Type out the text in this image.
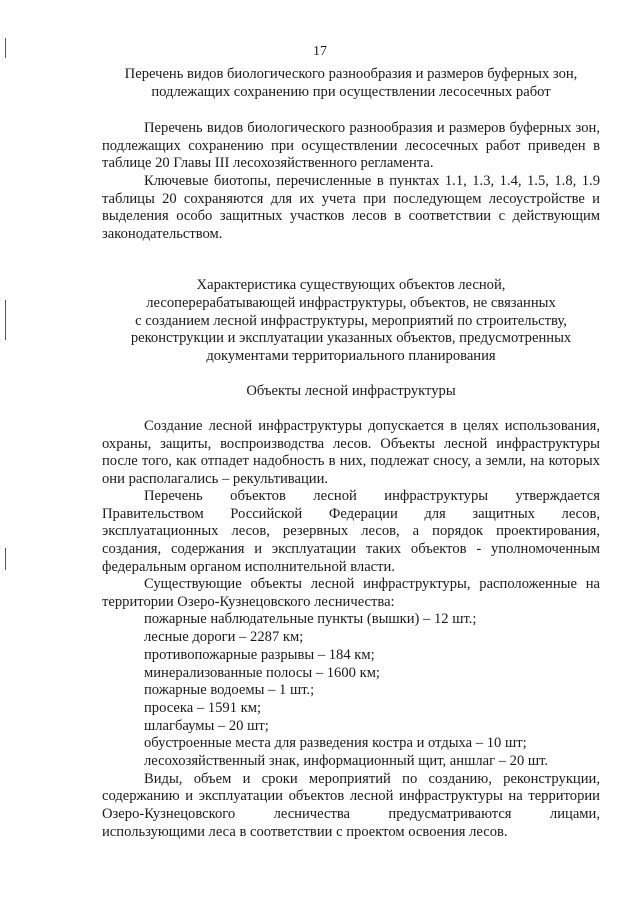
17
Перечень видов биологического разнообразия и размеров буферных зон,
подлежащих сохранению при осуществлении лесосечных работ

Перечень видов биологического разнообразия и размеров буферных зон, подлежащих сохранению при осуществлении лесосечных работ приведен в таблице 20 Главы III лесохозяйственного регламента.

Ключевые биотопы, перечисленные в пунктах 1.1, 1.3, 1.4, 1.5, 1.8, 1.9 таблицы 20 сохраняются для их учета при последующем лесоустройстве и выделения особо защитных участков лесов в соответствии с действующим законодательством.

Характеристика существующих объектов лесной,
лесоперерабатывающей инфраструктуры, объектов, не связанных
с созданием лесной инфраструктуры, мероприятий по строительству,
реконструкции и эксплуатации указанных объектов, предусмотренных
документами территориального планирования
Объекты лесной инфраструктуры

Создание лесной инфраструктуры допускается в целях использования, охраны, защиты, воспроизводства лесов. Объекты лесной инфраструктуры после того, как отпадет надобность в них, подлежат сносу, а земли, на которых они располагались – рекультивации.

Перечень объектов лесной инфраструктуры утверждается Правительством Российской Федерации для защитных лесов, эксплуатационных лесов, резервных лесов, а порядок проектирования, создания, содержания и эксплуатации таких объектов - уполномоченным федеральным органом исполнительной власти.

Существующие объекты лесной инфраструктуры, расположенные на территории Озеро-Кузнецовского лесничества:

пожарные наблюдательные пункты (вышки) – 12 шт.;
лесные дороги – 2287 км;
противопожарные разрывы – 184 км;
минерализованные полосы – 1600 км;
пожарные водоемы – 1 шт.;
просека – 1591 км;
шлагбаумы – 20 шт;
обустроенные места для разведения костра и отдыха – 10 шт;
лесохозяйственный знак, информационный щит, аншлаг – 20 шт.

Виды, объем и сроки мероприятий по созданию, реконструкции, содержанию и эксплуатации объектов лесной инфраструктуры на территории Озеро-Кузнецовского лесничества предусматриваются лицами, использующими леса в соответствии с проектом освоения лесов.
